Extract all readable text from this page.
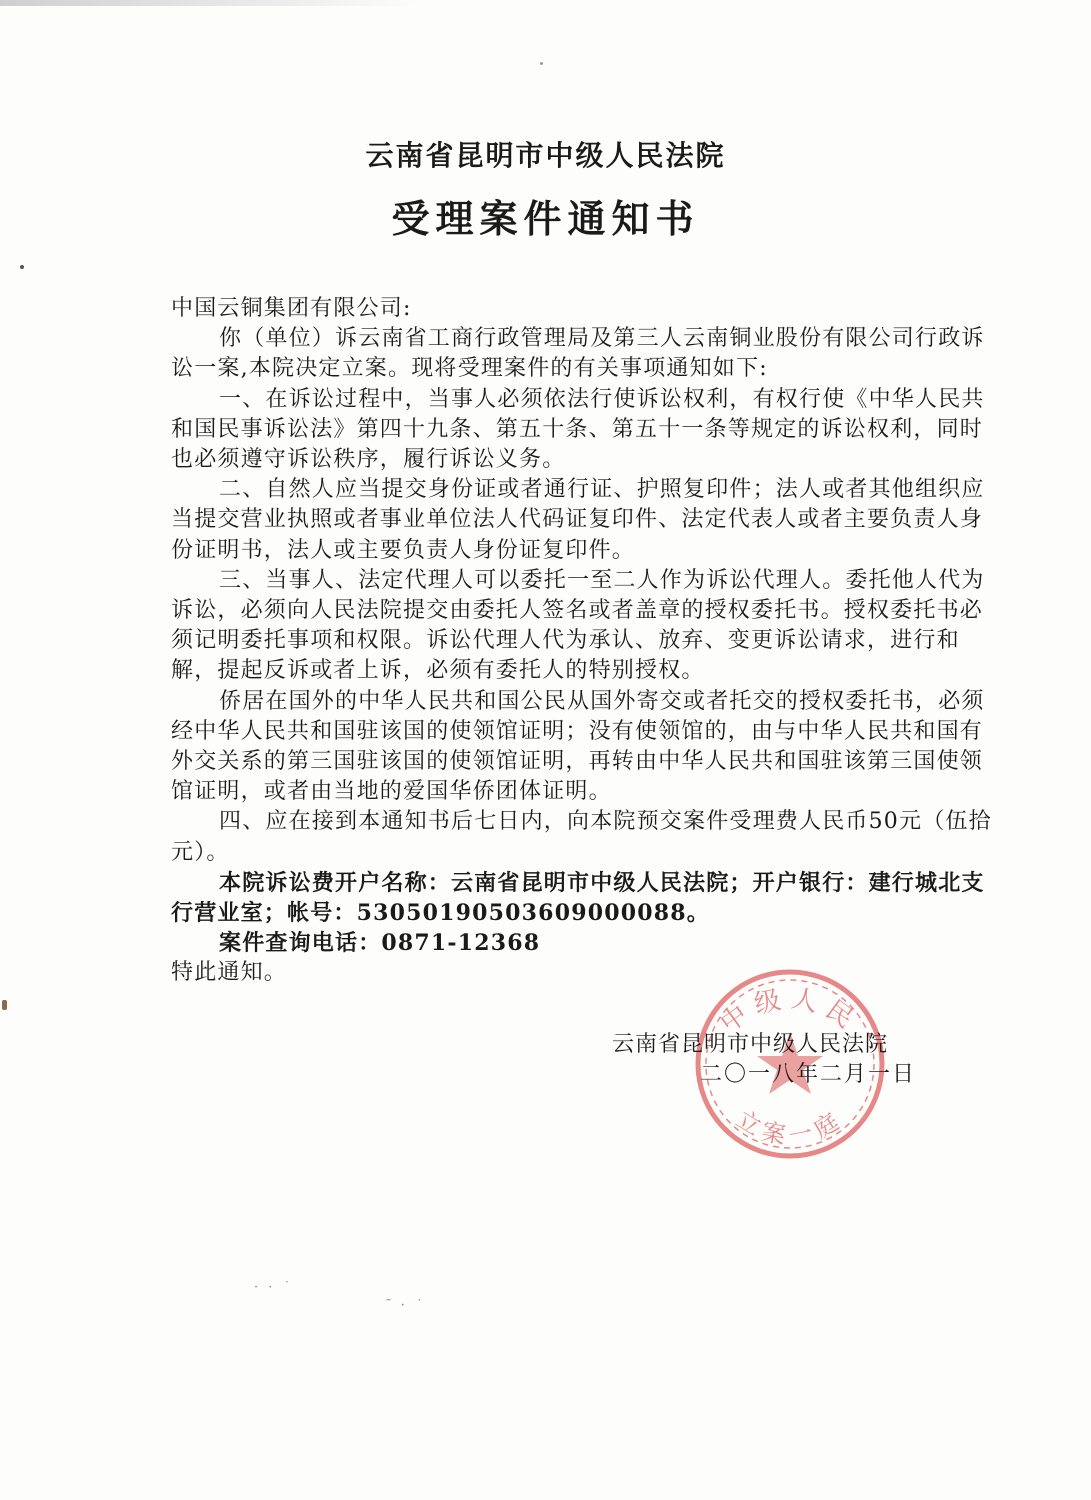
云南省昆明市中级人民法院
受理案件通知书

中国云铜集团有限公司:

你（单位）诉云南省工商行政管理局及第三人云南铜业股份有限公司行政诉讼一案,本院决定立案。现将受理案件的有关事项通知如下:

一、在诉讼过程中，当事人必须依法行使诉讼权利，有权行使《中华人民共和国民事诉讼法》第四十九条、第五十条、第五十一条等规定的诉讼权利，同时也必须遵守诉讼秩序，履行诉讼义务。

二、自然人应当提交身份证或者通行证、护照复印件；法人或者其他组织应当提交营业执照或者事业单位法人代码证复印件、法定代表人或者主要负责人身份证明书，法人或主要负责人身份证复印件。

三、当事人、法定代理人可以委托一至二人作为诉讼代理人。委托他人代为诉讼，必须向人民法院提交由委托人签名或者盖章的授权委托书。授权委托书必须记明委托事项和权限。诉讼代理人代为承认、放弃、变更诉讼请求，进行和解，提起反诉或者上诉，必须有委托人的特别授权。

侨居在国外的中华人民共和国公民从国外寄交或者托交的授权委托书，必须经中华人民共和国驻该国的使领馆证明；没有使领馆的，由与中华人民共和国有外交关系的第三国驻该国的使领馆证明，再转由中华人民共和国驻该第三国使领馆证明，或者由当地的爱国华侨团体证明。

四、应在接到本通知书后七日内，向本院预交案件受理费人民币50元（伍拾元）。

本院诉讼费开户名称：云南省昆明市中级人民法院；开户银行：建行城北支行营业室；帐号：53050190503609000088。

案件查询电话：0871-12368

特此通知。

中级人民
立案一庭
云南省昆明市中级人民法院
二〇一八年二月一日
· · ˙
˜ · ˙
